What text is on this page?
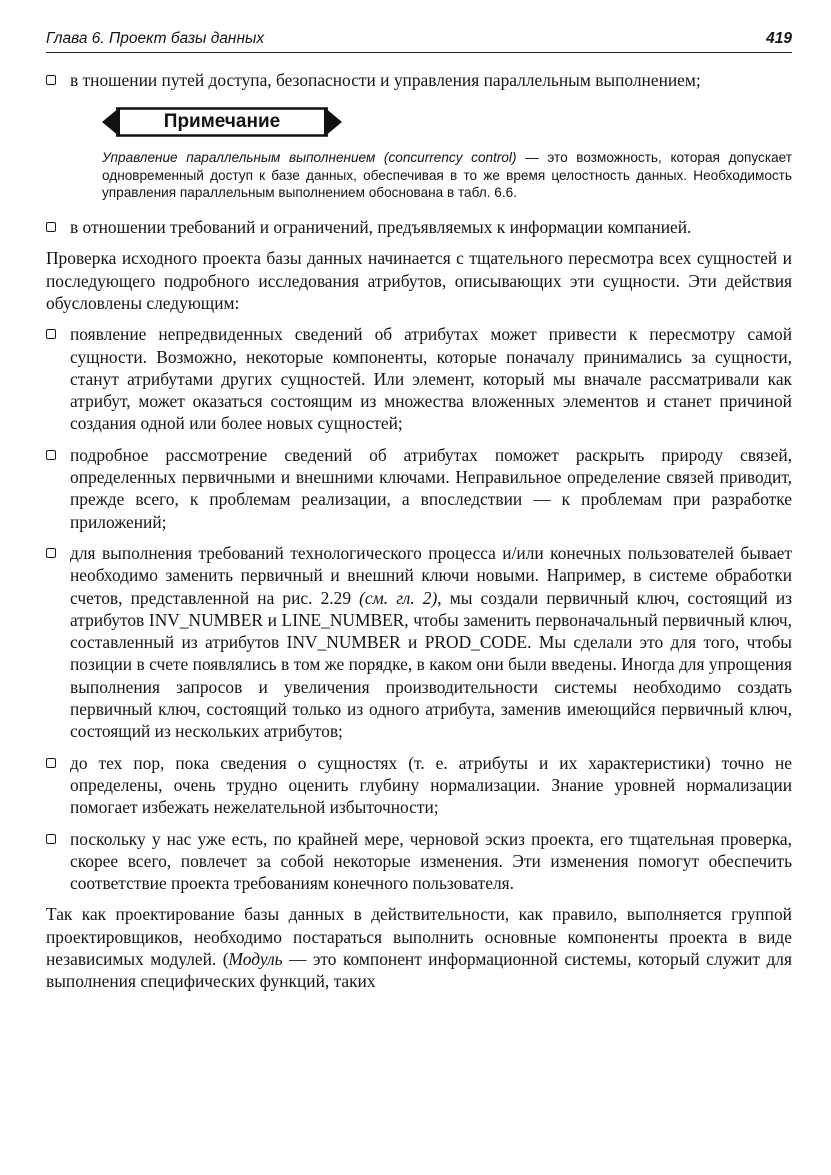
Глава 6. Проект базы данных	419
в тношении путей доступа, безопасности и управления параллельным выполнением;
Примечание

Управление параллельным выполнением (concurrency control) — это возможность, которая допускает одновременный доступ к базе данных, обеспечивая в то же время целостность данных. Необходимость управления параллельным выполнением обоснована в табл. 6.6.

в отношении требований и ограничений, предъявляемых к информации компанией.

Проверка исходного проекта базы данных начинается с тщательного пересмотра всех сущностей и последующего подробного исследования атрибутов, описывающих эти сущности. Эти действия обусловлены следующим:

появление непредвиденных сведений об атрибутах может привести к пересмотру самой сущности. Возможно, некоторые компоненты, которые поначалу принимались за сущности, станут атрибутами других сущностей. Или элемент, который мы вначале рассматривали как атрибут, может оказаться состоящим из множества вложенных элементов и станет причиной создания одной или более новых сущностей;
подробное рассмотрение сведений об атрибутах поможет раскрыть природу связей, определенных первичными и внешними ключами. Неправильное определение связей приводит, прежде всего, к проблемам реализации, а впоследствии — к проблемам при разработке приложений;
для выполнения требований технологического процесса и/или конечных пользователей бывает необходимо заменить первичный и внешний ключи новыми. Например, в системе обработки счетов, представленной на рис. 2.29 (см. гл. 2), мы создали первичный ключ, состоящий из атрибутов INV_NUMBER и LINE_NUMBER, чтобы заменить первоначальный первичный ключ, составленный из атрибутов INV_NUMBER и PROD_CODE. Мы сделали это для того, чтобы позиции в счете появлялись в том же порядке, в каком они были введены. Иногда для упрощения выполнения запросов и увеличения производительности системы необходимо создать первичный ключ, состоящий только из одного атрибута, заменив имеющийся первичный ключ, состоящий из нескольких атрибутов;
до тех пор, пока сведения о сущностях (т. е. атрибуты и их характеристики) точно не определены, очень трудно оценить глубину нормализации. Знание уровней нормализации помогает избежать нежелательной избыточности;
поскольку у нас уже есть, по крайней мере, черновой эскиз проекта, его тщательная проверка, скорее всего, повлечет за собой некоторые изменения. Эти изменения помогут обеспечить соответствие проекта требованиям конечного пользователя.

Так как проектирование базы данных в действительности, как правило, выполняется группой проектировщиков, необходимо постараться выполнить основные компоненты проекта в виде независимых модулей. (Модуль — это компонент информационной системы, который служит для выполнения специфических функций, таких
